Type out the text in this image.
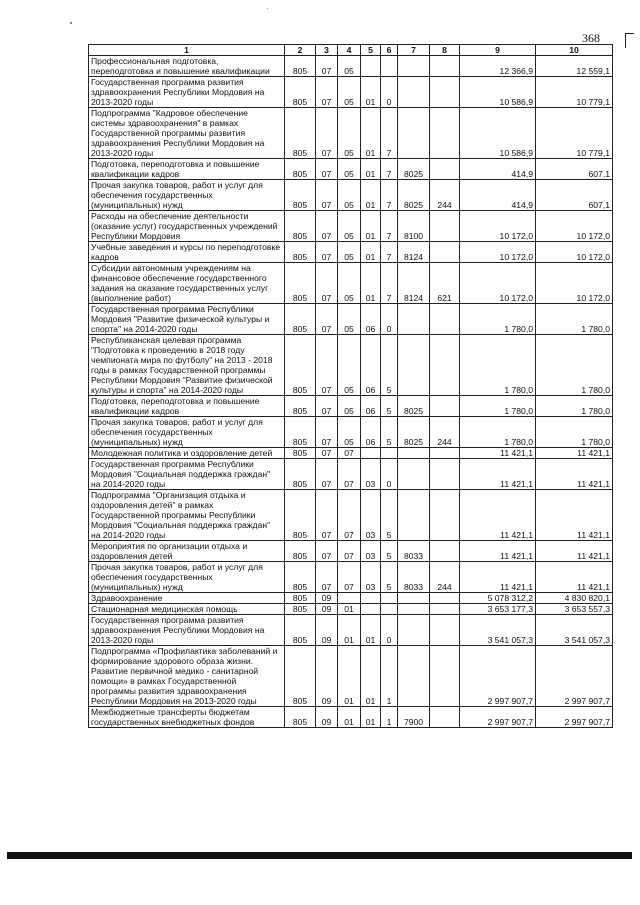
368
1	2	3	4	5	6	7	8	9	10
Профессиональная подготовка, переподготовка и повышение квалификации	805	07	05					12 366,9	12 559,1
Государственная программа развития здравоохранения Республики Мордовия на 2013-2020 годы	805	07	05	01	0			10 586,9	10 779,1
Подпрограмма "Кадровое обеспечение системы здравоохранения" в рамках Государственной программы развития здравоохранения Республики Мордовия на 2013-2020 годы	805	07	05	01	7			10 586,9	10 779,1
Подготовка, переподготовка и повышение квалификации кадров	805	07	05	01	7	8025		414,9	607,1
Прочая закупка товаров, работ и услуг для обеспечения государственных (муниципальных) нужд	805	07	05	01	7	8025	244	414,9	607,1
Расходы на обеспечение деятельности (оказание услуг) государственных учреждений Республики Мордовия	805	07	05	01	7	8100		10 172,0	10 172,0
Учебные заведения и курсы по переподготовке кадров	805	07	05	01	7	8124		10 172,0	10 172,0
Субсидии автономным учреждениям на финансовое обеспечение государственного задания на оказание государственных услуг (выполнение работ)	805	07	05	01	7	8124	621	10 172,0	10 172,0
Государственная программа Республики Мордовия "Развитие физической культуры и спорта" на 2014-2020 годы	805	07	05	06	0			1 780,0	1 780,0
Республиканская целевая программа "Подготовка к проведению в 2018 году чемпионата мира по футболу" на 2013 - 2018 годы в рамках Государственной программы Республики Мордовия "Развитие физической культуры и спорта" на 2014-2020 годы	805	07	05	06	5			1 780,0	1 780,0
Подготовка, переподготовка и повышение квалификации кадров	805	07	05	06	5	8025		1 780,0	1 780,0
Прочая закупка товаров, работ и услуг для обеспечения государственных (муниципальных) нужд	805	07	05	06	5	8025	244	1 780,0	1 780,0
Молодежная политика и оздоровление детей	805	07	07					11 421,1	11 421,1
Государственная программа Республики Мордовия "Социальная поддержка граждан" на 2014-2020 годы	805	07	07	03	0			11 421,1	11 421,1
Подпрограмма "Организация отдыха и оздоровления детей" в рамках Государственной программы Республики Мордовия "Социальная поддержка граждан" на 2014-2020 годы	805	07	07	03	5			11 421,1	11 421,1
Мероприятия по организации отдыха и оздоровления детей	805	07	07	03	5	8033		11 421,1	11 421,1
Прочая закупка товаров, работ и услуг для обеспечения государственных (муниципальных) нужд	805	07	07	03	5	8033	244	11 421,1	11 421,1
Здравоохранение	805	09						5 078 312,2	4 830 820,1
Стационарная медицинская помощь	805	09	01					3 653 177,3	3 653 557,3
Государственная программа развития здравоохранения Республики Мордовия на 2013-2020 годы	805	09	01	01	0			3 541 057,3	3 541 057,3
Подпрограмма «Профилактика заболеваний и формирование здорового образа жизни. Развитие первичной медико - санитарной помощи» в рамках Государственной программы развития здравоохранения Республики Мордовия на 2013-2020 годы	805	09	01	01	1			2 997 907,7	2 997 907,7
Межбюджетные трансферты бюджетам государственных внебюджетных фондов	805	09	01	01	1	7900		2 997 907,7	2 997 907,7
